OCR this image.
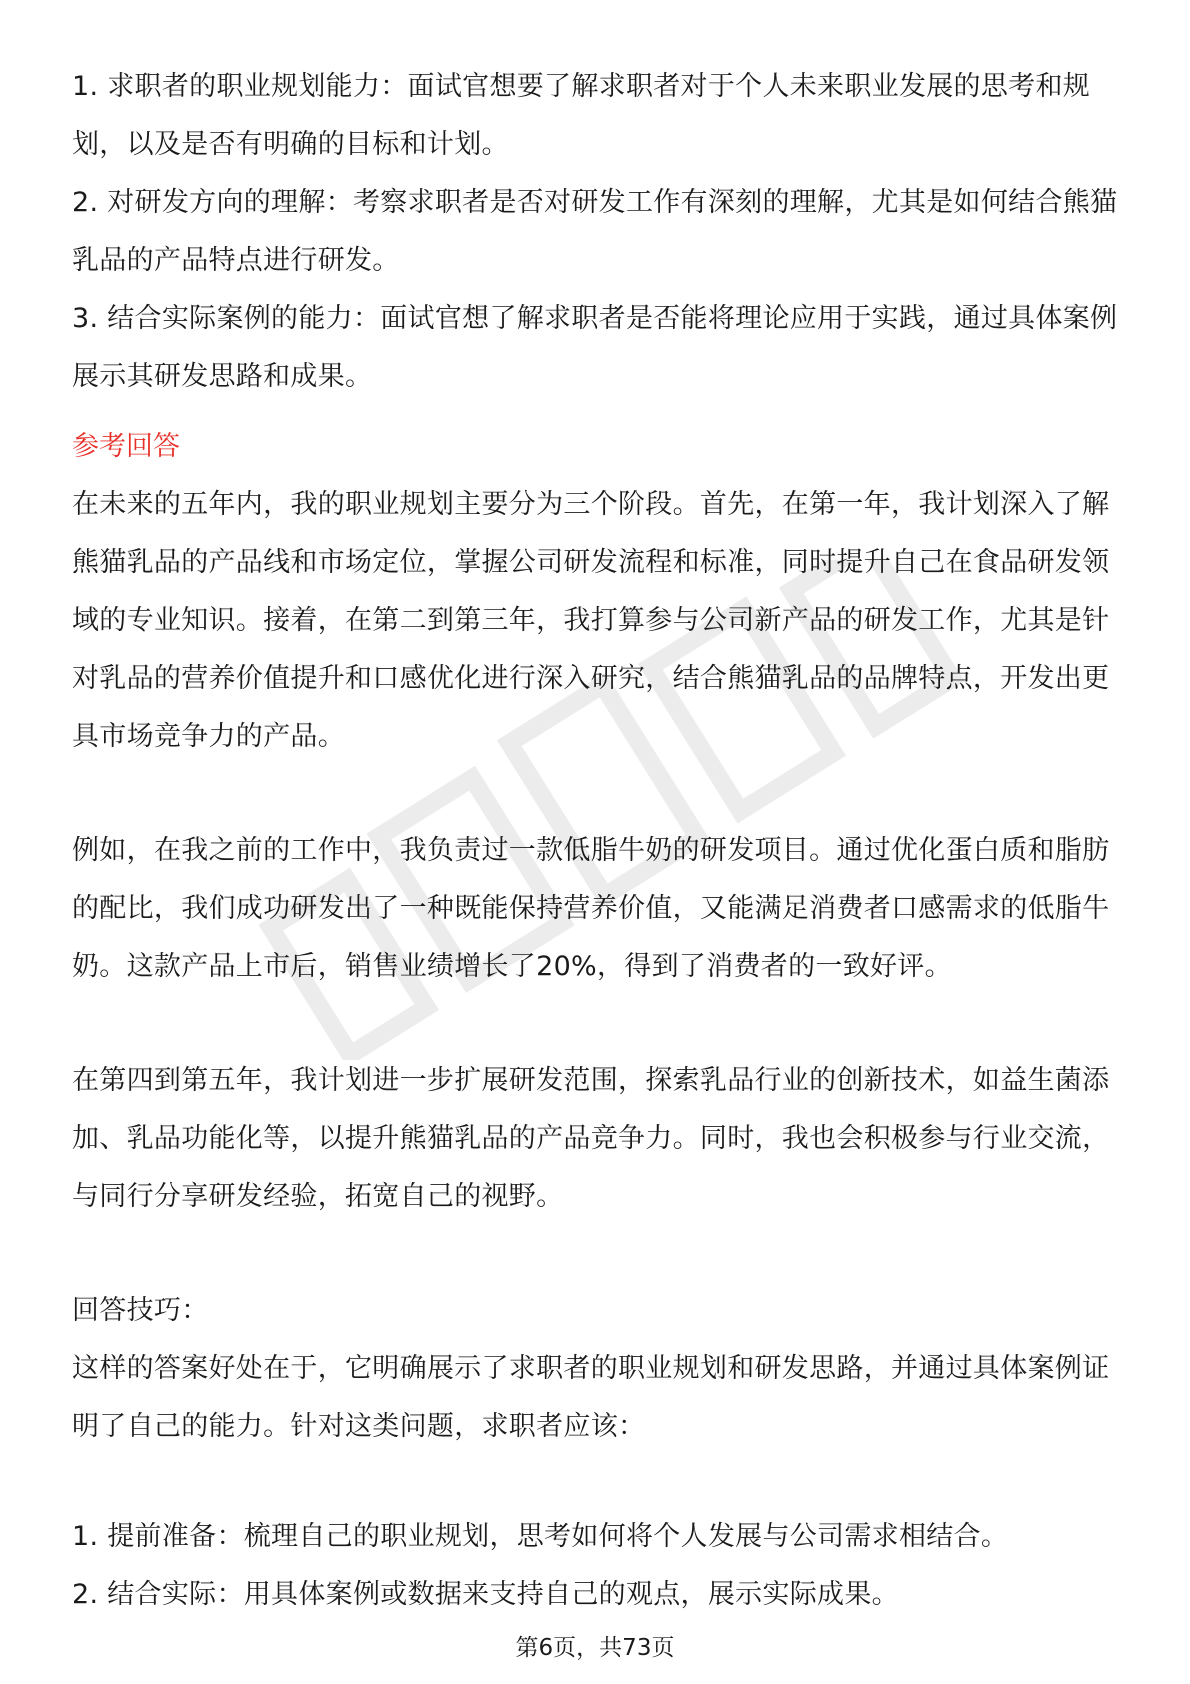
1. 求职者的职业规划能力：面试官想要了解求职者对于个人未来职业发展的思考和规划，以及是否有明确的目标和计划。

2. 对研发方向的理解：考察求职者是否对研发工作有深刻的理解，尤其是如何结合熊猫乳品的产品特点进行研发。

3. 结合实际案例的能力：面试官想了解求职者是否能将理论应用于实践，通过具体案例展示其研发思路和成果。

参考回答

在未来的五年内，我的职业规划主要分为三个阶段。首先，在第一年，我计划深入了解熊猫乳品的产品线和市场定位，掌握公司研发流程和标准，同时提升自己在食品研发领域的专业知识。接着，在第二到第三年，我打算参与公司新产品的研发工作，尤其是针对乳品的营养价值提升和口感优化进行深入研究，结合熊猫乳品的品牌特点，开发出更具市场竞争力的产品。

例如，在我之前的工作中，我负责过一款低脂牛奶的研发项目。通过优化蛋白质和脂肪的配比，我们成功研发出了一种既能保持营养价值，又能满足消费者口感需求的低脂牛奶。这款产品上市后，销售业绩增长了20%，得到了消费者的一致好评。

在第四到第五年，我计划进一步扩展研发范围，探索乳品行业的创新技术，如益生菌添加、乳品功能化等，以提升熊猫乳品的产品竞争力。同时，我也会积极参与行业交流，与同行分享研发经验，拓宽自己的视野。

回答技巧：

这样的答案好处在于，它明确展示了求职者的职业规划和研发思路，并通过具体案例证明了自己的能力。针对这类问题，求职者应该：

1. 提前准备：梳理自己的职业规划，思考如何将个人发展与公司需求相结合。

2. 结合实际：用具体案例或数据来支持自己的观点，展示实际成果。

第6页，共73页
